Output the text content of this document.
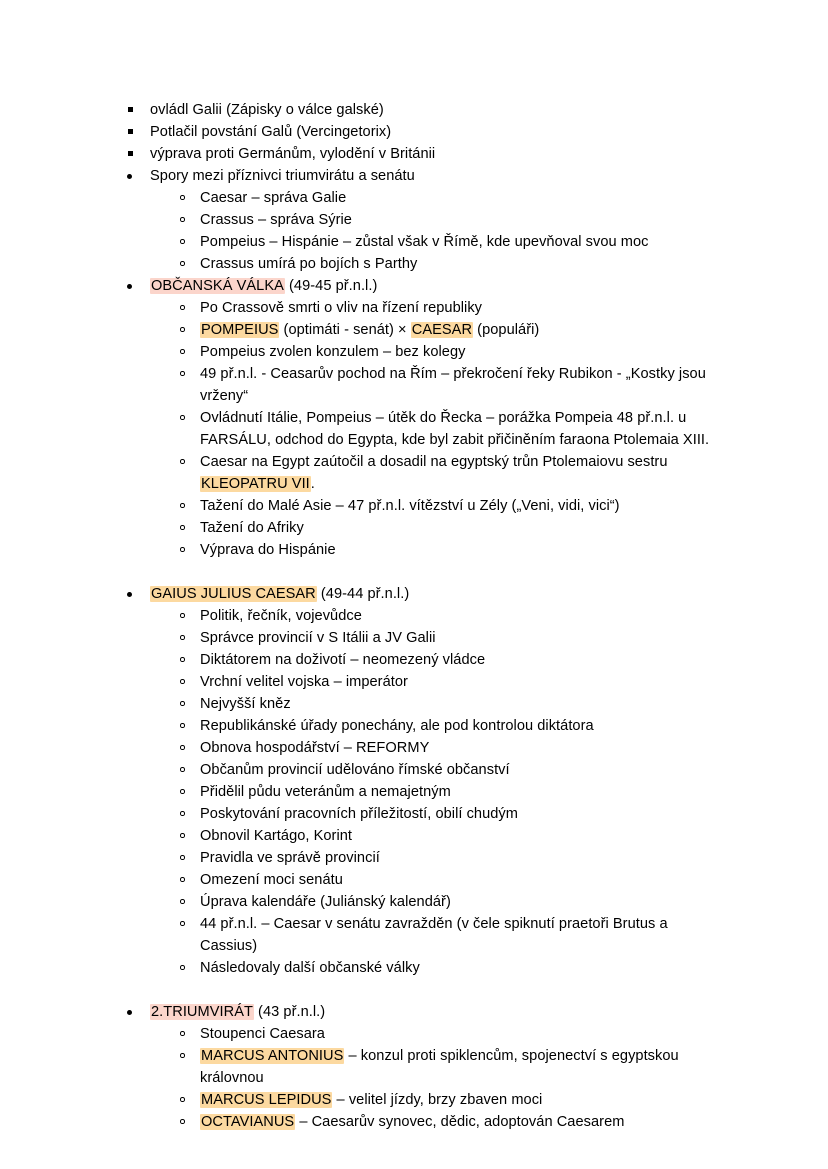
ovládl Galii (Zápisky o válce galské)
Potlačil povstání Galů (Vercingetorix)
výprava proti Germánům, vylodění v Británii
Spory mezi příznivci triumvirátu a senátu
Caesar – správa Galie
Crassus – správa Sýrie
Pompeius – Hispánie – zůstal však v Římě, kde upevňoval svou moc
Crassus umírá po bojích s Parthy
OBČANSKÁ VÁLKA (49-45 př.n.l.)
Po Crassově smrti o vliv na řízení republiky
POMPEIUS (optimáti - senát) × CAESAR (populáři)
Pompeius zvolen konzulem – bez kolegy
49 př.n.l. - Ceasarův pochod na Řím – překročení řeky Rubikon - „Kostky jsou vrženy“
Ovládnutí Itálie, Pompeius – útěk do Řecka – porážka Pompeia 48 př.n.l. u FARSÁLU, odchod do Egypta, kde byl zabit přičiněním faraona Ptolemaia XIII.
Caesar na Egypt zaútočil a dosadil na egyptský trůn Ptolemaiovu sestru KLEOPATRU VII.
Tažení do Malé Asie – 47 př.n.l. vítězství u Zély („Veni, vidi, vici“)
Tažení do Afriky
Výprava do Hispánie
GAIUS JULIUS CAESAR (49-44 př.n.l.)
Politik, řečník, vojevůdce
Správce provincií v S Itálii a JV Galii
Diktátorem na doživotí – neomezený vládce
Vrchní velitel vojska – imperátor
Nejvyšší kněz
Republikánské úřady ponechány, ale pod kontrolou diktátora
Obnova hospodářství – REFORMY
Občanům provincií udělováno římské občanství
Přidělil půdu veteránům a nemajetným
Poskytování pracovních příležitostí, obilí chudým
Obnovil Kartágo, Korint
Pravidla ve správě provincií
Omezení moci senátu
Úprava kalendáře (Juliánský kalendář)
44 př.n.l. – Caesar v senátu zavražděn (v čele spiknutí praetoři Brutus a Cassius)
Následovaly další občanské války
2.TRIUMVIRÁT (43 př.n.l.)
Stoupenci Caesara
MARCUS ANTONIUS – konzul proti spiklencům, spojenectví s egyptskou královnou
MARCUS LEPIDUS – velitel jízdy, brzy zbaven moci
OCTAVIANUS – Caesarův synovec, dědic, adoptován Caesarem
